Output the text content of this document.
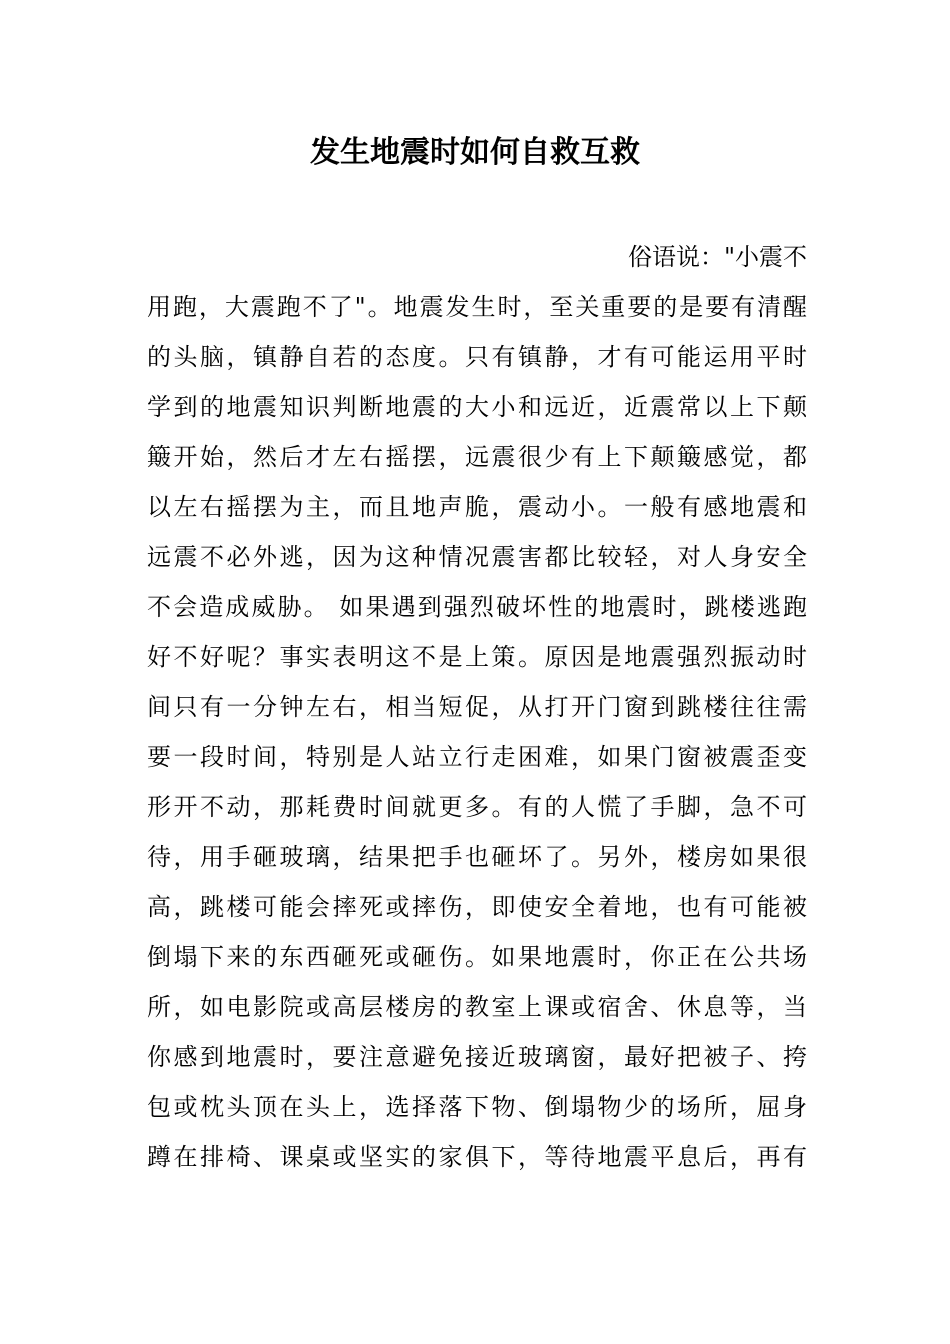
发生地震时如何自救互救
俗语说："小震不
用跑，大震跑不了"。地震发生时，至关重要的是要有清醒
的头脑，镇静自若的态度。只有镇静，才有可能运用平时
学到的地震知识判断地震的大小和远近，近震常以上下颠
簸开始，然后才左右摇摆，远震很少有上下颠簸感觉，都
以左右摇摆为主，而且地声脆，震动小。一般有感地震和
远震不必外逃，因为这种情况震害都比较轻，对人身安全
不会造成威胁。 如果遇到强烈破坏性的地震时，跳楼逃跑
好不好呢？事实表明这不是上策。原因是地震强烈振动时
间只有一分钟左右，相当短促，从打开门窗到跳楼往往需
要一段时间，特别是人站立行走困难，如果门窗被震歪变
形开不动，那耗费时间就更多。有的人慌了手脚，急不可
待，用手砸玻璃，结果把手也砸坏了。另外，楼房如果很
高，跳楼可能会摔死或摔伤，即使安全着地，也有可能被
倒塌下来的东西砸死或砸伤。如果地震时，你正在公共场
所，如电影院或高层楼房的教室上课或宿舍、休息等，当
你感到地震时，要注意避免接近玻璃窗，最好把被子、挎
包或枕头顶在头上，选择落下物、倒塌物少的场所，屈身
蹲在排椅、课桌或坚实的家俱下，等待地震平息后，再有
